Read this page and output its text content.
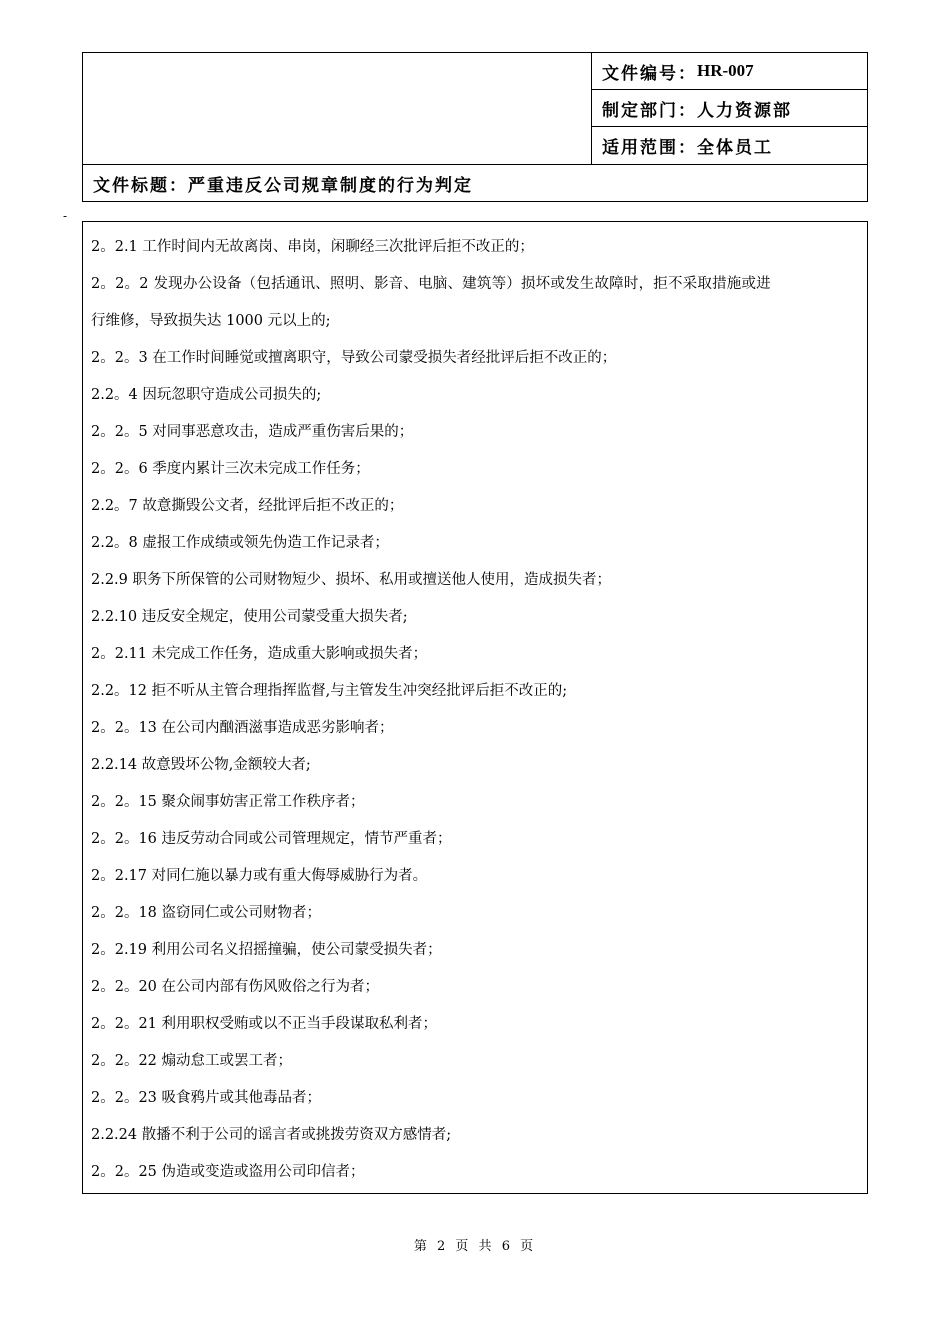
文件编号： HR-007
制定部门：人力资源部
适用范围：全体员工
文件标题：严重违反公司规章制度的行为判定
-
2。2.1 工作时间内无故离岗、串岗，闲聊经三次批评后拒不改正的；
2。2。2 发现办公设备（包括通讯、照明、影音、电脑、建筑等）损坏或发生故障时，拒不采取措施或进
行维修，导致损失达 1000 元以上的;
2。2。3 在工作时间睡觉或擅离职守，导致公司蒙受损失者经批评后拒不改正的；
2.2。4 因玩忽职守造成公司损失的;
2。2。5 对同事恶意攻击，造成严重伤害后果的；
2。2。6 季度内累计三次未完成工作任务；
2.2。7 故意撕毁公文者，经批评后拒不改正的；
2.2。8 虚报工作成绩或领先伪造工作记录者；
2.2.9 职务下所保管的公司财物短少、损坏、私用或擅送他人使用，造成损失者；
2.2.10 违反安全规定，使用公司蒙受重大损失者;
2。2.11 未完成工作任务，造成重大影响或损失者；
2.2。12 拒不听从主管合理指挥监督,与主管发生冲突经批评后拒不改正的;
2。2。13 在公司内酗酒滋事造成恶劣影响者；
2.2.14 故意毁坏公物,金额较大者;
2。2。15 聚众闹事妨害正常工作秩序者；
2。2。16 违反劳动合同或公司管理规定，情节严重者；
2。2.17 对同仁施以暴力或有重大侮辱威胁行为者。
2。2。18 盗窃同仁或公司财物者；
2。2.19 利用公司名义招摇撞骗，使公司蒙受损失者；
2。2。20 在公司内部有伤风败俗之行为者；
2。2。21 利用职权受贿或以不正当手段谋取私利者；
2。2。22 煽动怠工或罢工者；
2。2。23 吸食鸦片或其他毒品者；
2.2.24 散播不利于公司的谣言者或挑拨劳资双方感情者;
2。2。25 伪造或变造或盗用公司印信者；
第 2 页 共 6 页
